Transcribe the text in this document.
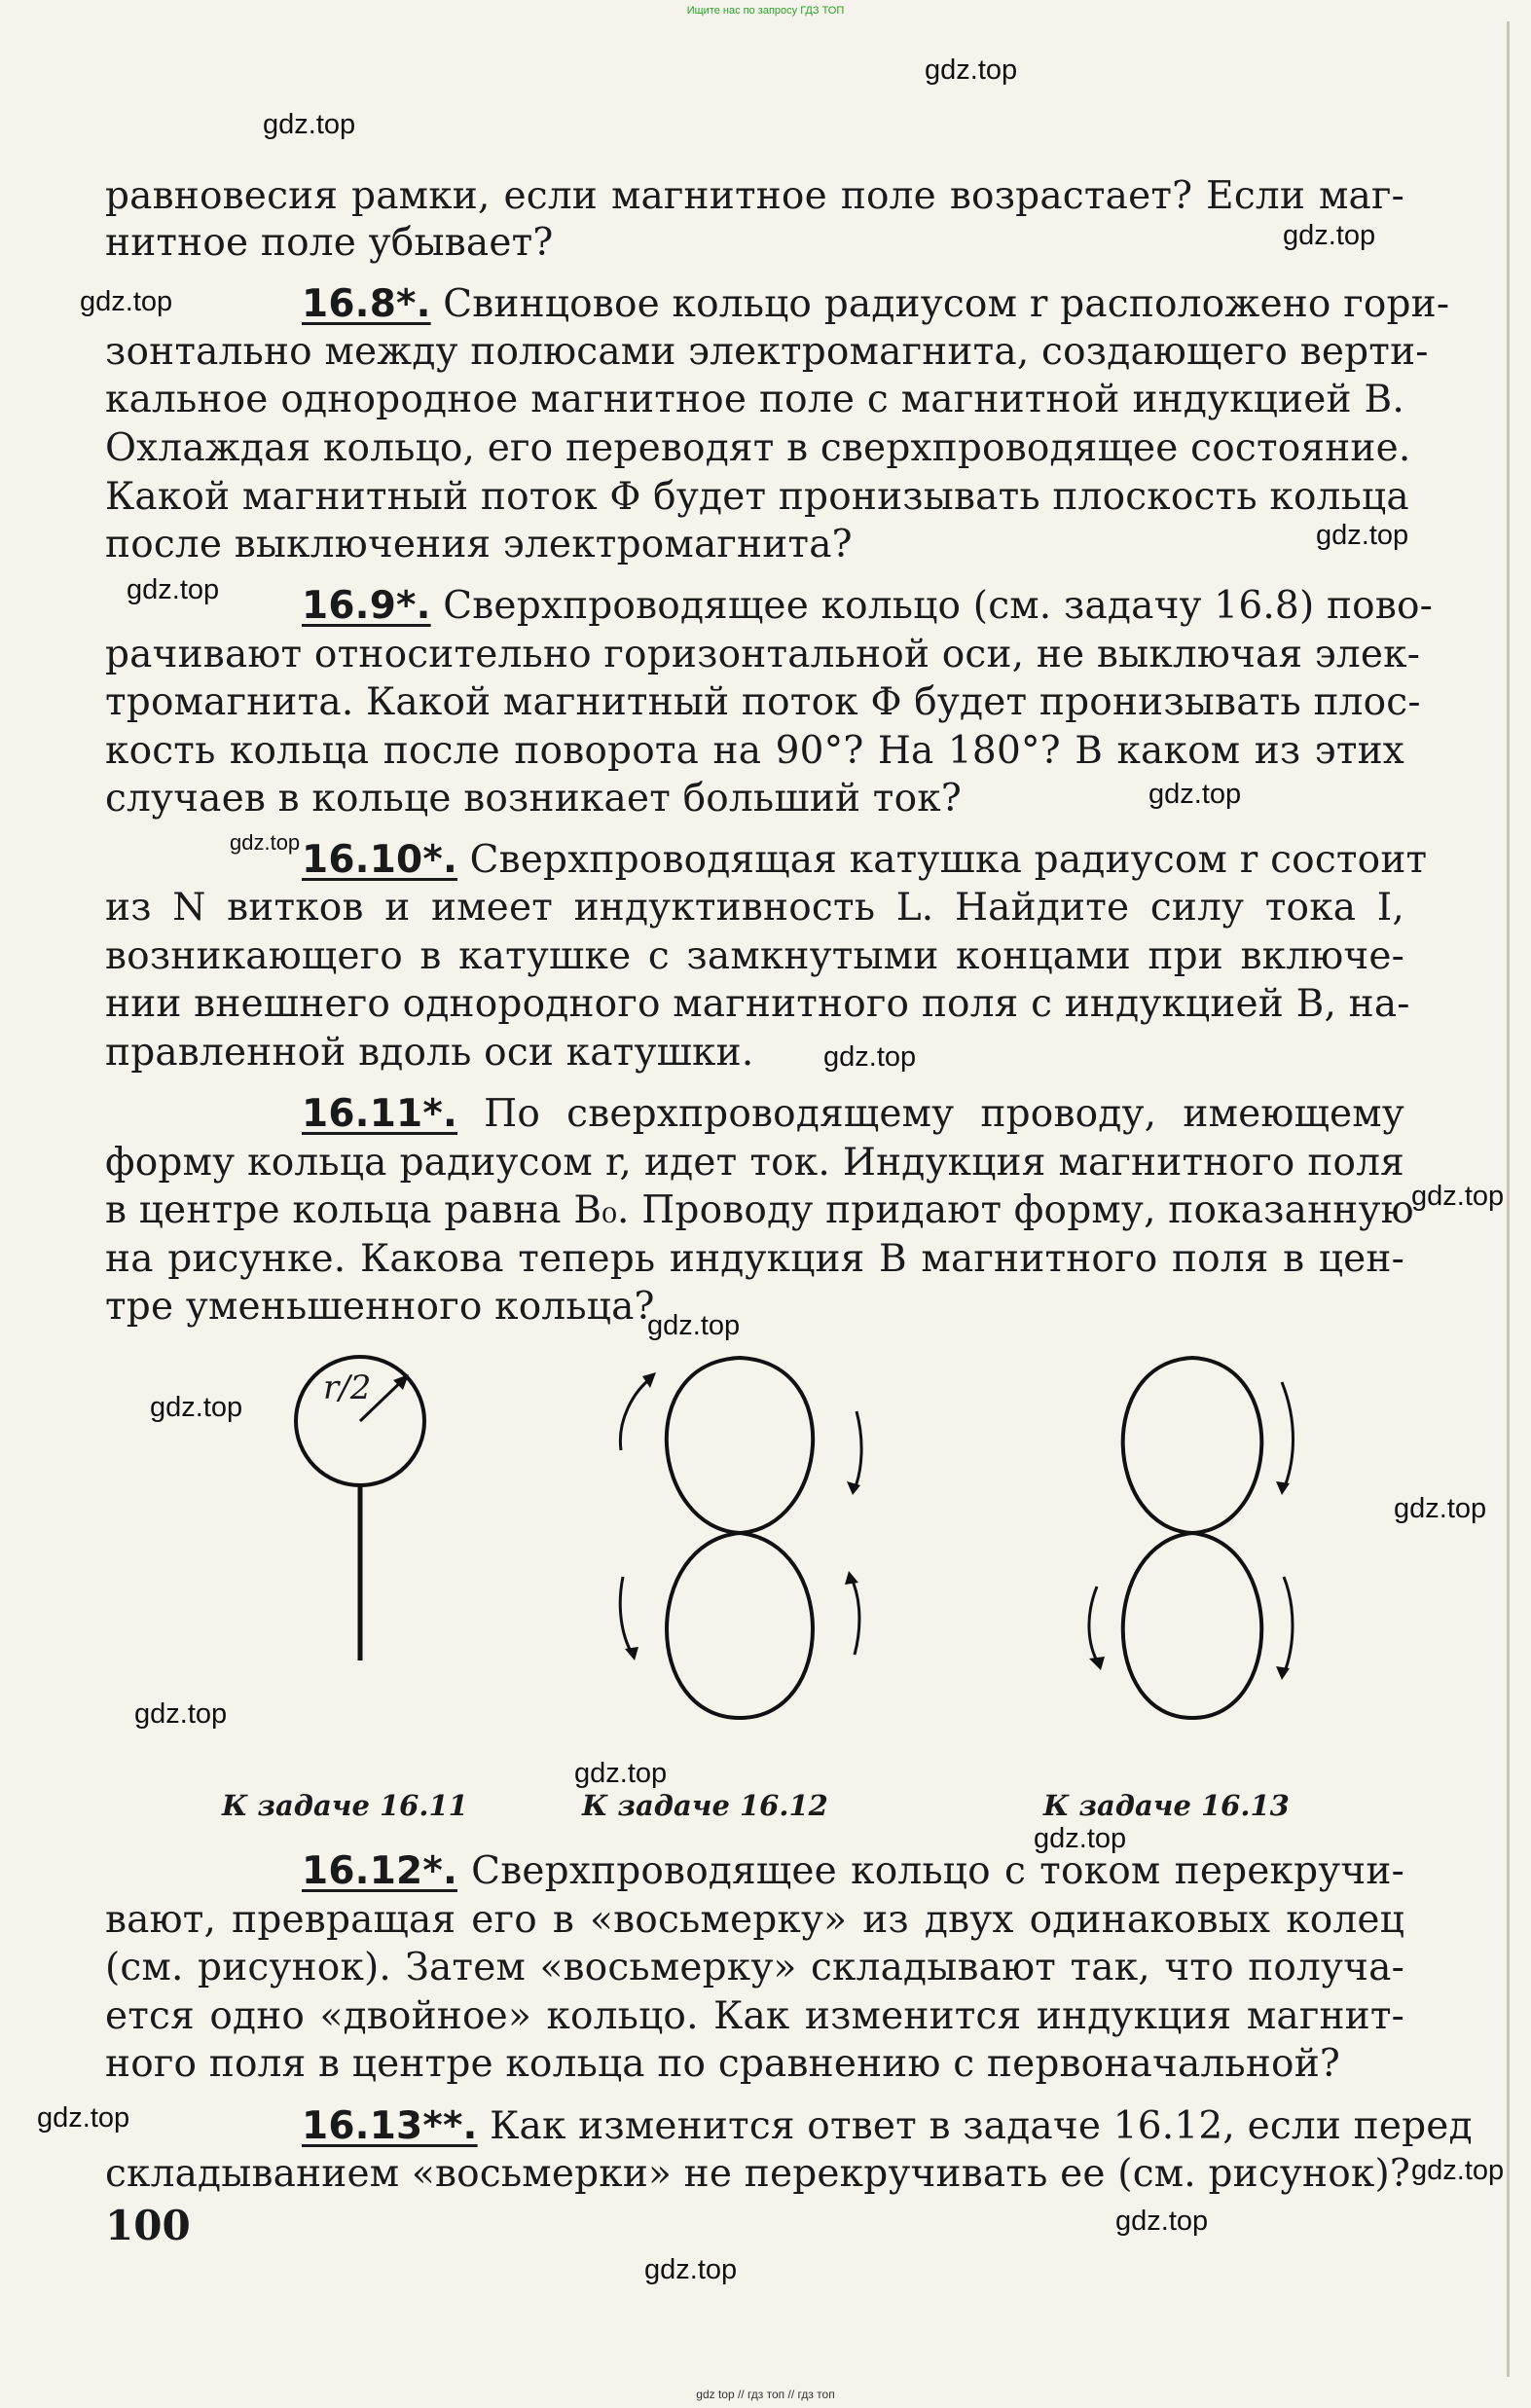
Ищите нас по запросу ГДЗ ТОП
равновесия рамки, если магнитное поле возрастает? Если маг-
нитное поле убывает?
16.8*. Свинцовое кольцо радиусом r расположено гори-
зонтально между полюсами электромагнита, создающего верти-
кальное однородное магнитное поле с магнитной индукцией B.
Охлаждая кольцо, его переводят в сверхпроводящее состояние.
Какой магнитный поток Φ будет пронизывать плоскость кольца
после выключения электромагнита?
16.9*. Сверхпроводящее кольцо (см. задачу 16.8) пово-
рачивают относительно горизонтальной оси, не выключая элек-
тромагнита. Какой магнитный поток Φ будет пронизывать плос-
кость кольца после поворота на 90°? На 180°? В каком из этих
случаев в кольце возникает больший ток?
16.10*. Сверхпроводящая катушка радиусом r состоит
из N витков и имеет индуктивность L. Найдите силу тока I,
возникающего в катушке с замкнутыми концами при включе-
нии внешнего однородного магнитного поля с индукцией B, на-
правленной вдоль оси катушки.
16.11*. По сверхпроводящему проводу, имеющему
форму кольца радиусом r, идет ток. Индукция магнитного поля
в центре кольца равна B₀. Проводу придают форму, показанную
на рисунке. Какова теперь индукция B магнитного поля в цен-
тре уменьшенного кольца?
16.12*. Сверхпроводящее кольцо с током перекручи-
вают, превращая его в «восьмерку» из двух одинаковых колец
(см. рисунок). Затем «восьмерку» складывают так, что получа-
ется одно «двойное» кольцо. Как изменится индукция магнит-
ного поля в центре кольца по сравнению с первоначальной?
16.13**. Как изменится ответ в задаче 16.12, если перед
складыванием «восьмерки» не перекручивать ее (см. рисунок)?
r/2
К задаче 16.11	К задаче 16.12	К задаче 16.13
100
gdz.top
gdz.top
gdz.top
gdz.top
gdz.top
gdz.top
gdz.top
gdz.top
gdz.top
gdz.top
gdz.top
gdz.top
gdz.top
gdz.top
gdz.top
gdz.top
gdz.top
gdz.top
gdz.top
gdz.top
gdz top // гдз топ // гдз топ
